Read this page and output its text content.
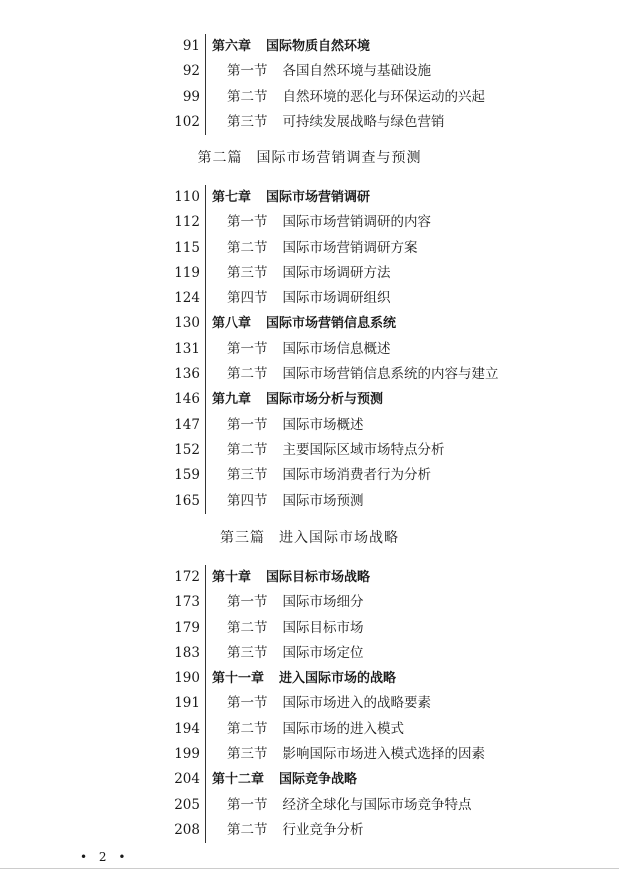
91 第六章 国际物质自然环境
92 第一节 各国自然环境与基础设施
99 第二节 自然环境的恶化与环保运动的兴起
102 第三节 可持续发展战略与绿色营销
110 第七章 国际市场营销调研
112 第一节 国际市场营销调研的内容
115 第二节 国际市场营销调研方案
119 第三节 国际市场调研方法
124 第四节 国际市场调研组织
130 第八章 国际市场营销信息系统
131 第一节 国际市场信息概述
136 第二节 国际市场营销信息系统的内容与建立
146 第九章 国际市场分析与预测
147 第一节 国际市场概述
152 第二节 主要国际区域市场特点分析
159 第三节 国际市场消费者行为分析
165 第四节 国际市场预测
172 第十章 国际目标市场战略
173 第一节 国际市场细分
179 第二节 国际目标市场
183 第三节 国际市场定位
190 第十一章 进入国际市场的战略
191 第一节 国际市场进入的战略要素
194 第二节 国际市场的进入模式
199 第三节 影响国际市场进入模式选择的因素
204 第十二章 国际竞争战略
205 第一节 经济全球化与国际市场竞争特点
208 第二节 行业竞争分析
第二篇 国际市场营销调查与预测
第三篇 进入国际市场战略
• 2 •
